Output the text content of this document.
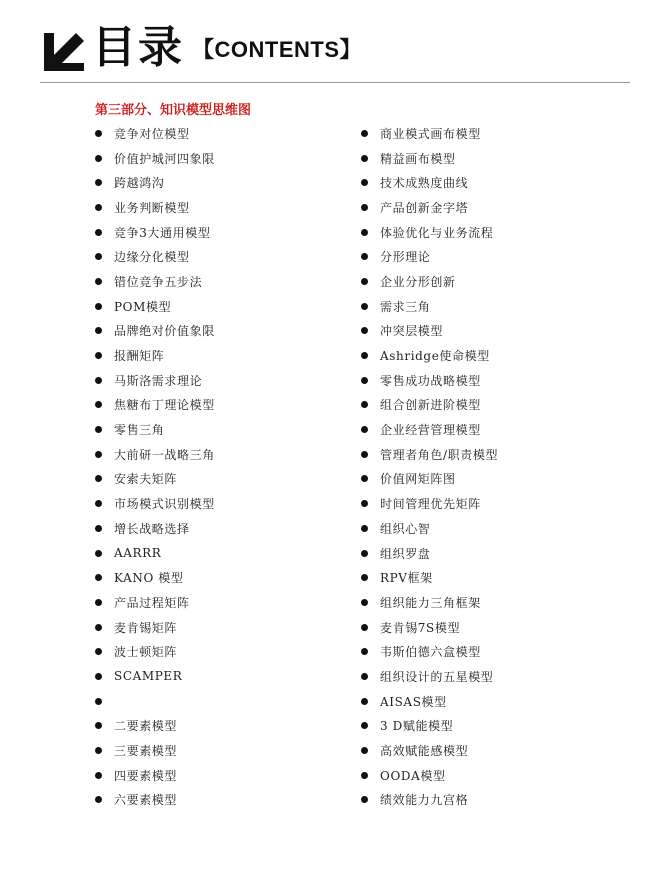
目录 【CONTENTS】
第三部分、知识模型思维图
竞争对位模型
价值护城河四象限
跨越鸿沟
业务判断模型
竞争3大通用模型
边缘分化模型
错位竞争五步法
POM模型
品牌绝对价值象限
报酬矩阵
马斯洛需求理论
焦糖布丁理论模型
零售三角
大前研一战略三角
安索夫矩阵
市场模式识别模型
增长战略选择
AARRR
KANO 模型
产品过程矩阵
麦肯锡矩阵
波士顿矩阵
SCAMPER
二要素模型
三要素模型
四要素模型
六要素模型
商业模式画布模型
精益画布模型
技术成熟度曲线
产品创新金字塔
体验优化与业务流程
分形理论
企业分形创新
需求三角
冲突层模型
Ashridge使命模型
零售成功战略模型
组合创新进阶模型
企业经营管理模型
管理者角色/职责模型
价值网矩阵图
时间管理优先矩阵
组织心智
组织罗盘
RPV框架
组织能力三角框架
麦肯锡7S模型
韦斯伯德六盒模型
组织设计的五星模型
AISAS模型
3 D赋能模型
高效赋能感模型
OODA模型
绩效能力九宫格
